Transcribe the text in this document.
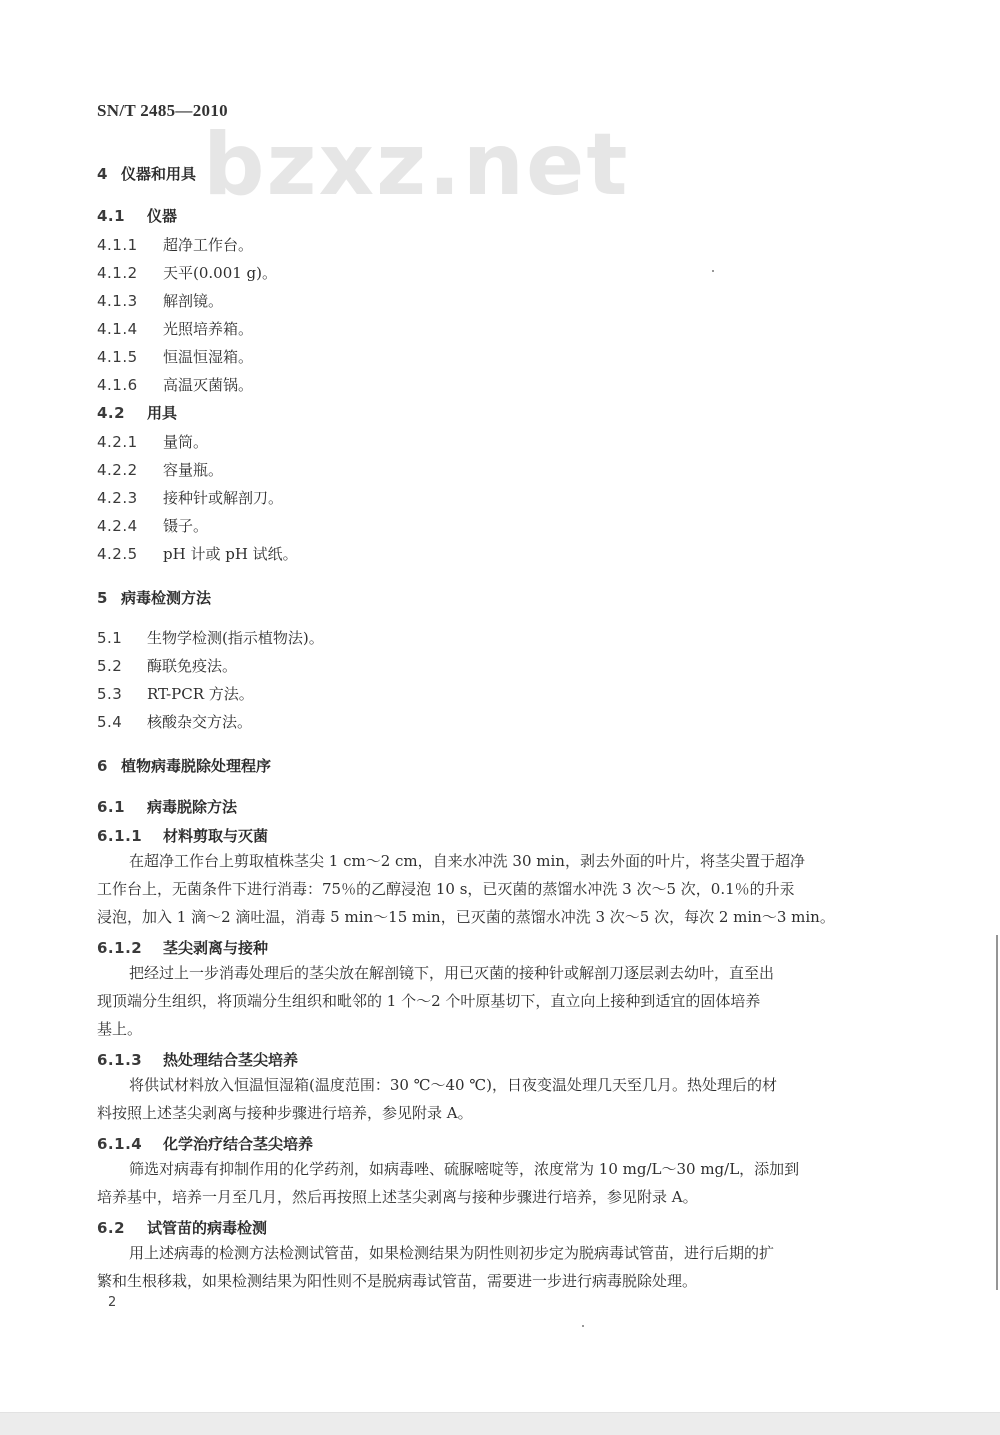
SN/T 2485—2010
bzxz.net
4 仪器和用具
4.1 仪器
4.1.1 超净工作台。
4.1.2 天平(0.001 g)。
4.1.3 解剖镜。
4.1.4 光照培养箱。
4.1.5 恒温恒湿箱。
4.1.6 高温灭菌锅。
4.2 用具
4.2.1 量筒。
4.2.2 容量瓶。
4.2.3 接种针或解剖刀。
4.2.4 镊子。
4.2.5 pH 计或 pH 试纸。
5 病毒检测方法
5.1 生物学检测(指示植物法)。
5.2 酶联免疫法。
5.3 RT-PCR 方法。
5.4 核酸杂交方法。
6 植物病毒脱除处理程序
6.1 病毒脱除方法
6.1.1 材料剪取与灭菌
在超净工作台上剪取植株茎尖 1 cm～2 cm，自来水冲洗 30 min，剥去外面的叶片，将茎尖置于超净
工作台上，无菌条件下进行消毒：75％的乙醇浸泡 10 s，已灭菌的蒸馏水冲洗 3 次～5 次，0.1％的升汞
浸泡，加入 1 滴～2 滴吐温，消毒 5 min～15 min，已灭菌的蒸馏水冲洗 3 次～5 次，每次 2 min～3 min。
6.1.2 茎尖剥离与接种
把经过上一步消毒处理后的茎尖放在解剖镜下，用已灭菌的接种针或解剖刀逐层剥去幼叶，直至出
现顶端分生组织，将顶端分生组织和毗邻的 1 个～2 个叶原基切下，直立向上接种到适宜的固体培养
基上。
6.1.3 热处理结合茎尖培养
将供试材料放入恒温恒湿箱(温度范围：30 ℃～40 ℃)，日夜变温处理几天至几月。热处理后的材
料按照上述茎尖剥离与接种步骤进行培养，参见附录 A。
6.1.4 化学治疗结合茎尖培养
筛选对病毒有抑制作用的化学药剂，如病毒唑、硫脲嘧啶等，浓度常为 10 mg/L～30 mg/L，添加到
培养基中，培养一月至几月，然后再按照上述茎尖剥离与接种步骤进行培养，参见附录 A。
6.2 试管苗的病毒检测
用上述病毒的检测方法检测试管苗，如果检测结果为阴性则初步定为脱病毒试管苗，进行后期的扩
繁和生根移栽，如果检测结果为阳性则不是脱病毒试管苗，需要进一步进行病毒脱除处理。
2
